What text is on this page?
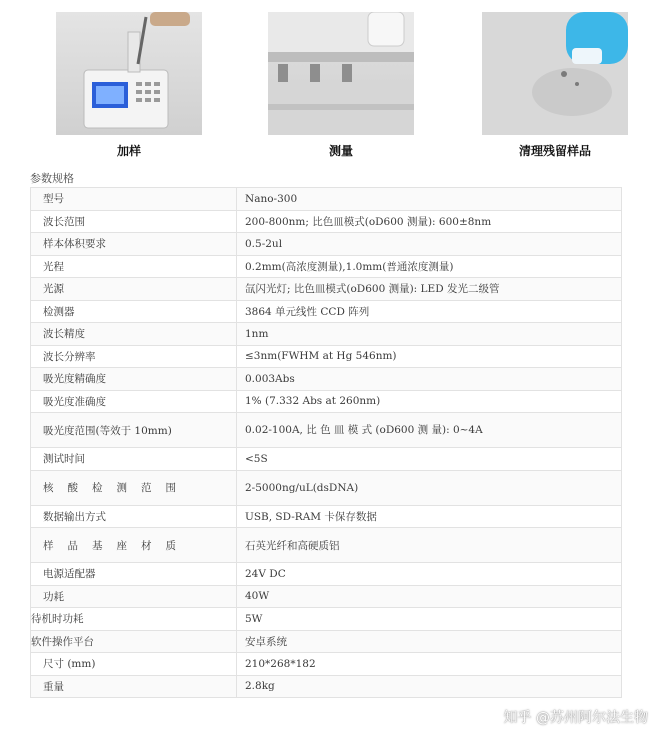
加样	测量	清理残留样品
参数规格
型号	Nano-300
波长范围	200-800nm; 比色皿模式(oD600 测量): 600±8nm
样本体积要求	0.5-2ul
光程	0.2mm(高浓度测量),1.0mm(普通浓度测量)
光源	氙闪光灯; 比色皿模式(oD600 测量): LED 发光二级管
检测器	3864 单元线性 CCD 阵列
波长精度	1nm
波长分辨率	≤3nm(FWHM at Hg 546nm)
吸光度精确度	0.003Abs
吸光度准确度	1% (7.332 Abs at 260nm)
吸光度范围(等效于 10mm)	0.02-100A, 比 色 皿 模 式 (oD600 测 量): 0~4A
测试时间	<5S
核酸检测范围	2-5000ng/uL(dsDNA)
数据输出方式	USB, SD-RAM 卡保存数据
样品基座材质	石英光纤和高硬质铝
电源适配器	24V DC
功耗	40W
待机时功耗	5W
软件操作平台	安卓系统
尺寸 (mm)	210*268*182
重量	2.8kg
知乎 @苏州阿尔法生物
